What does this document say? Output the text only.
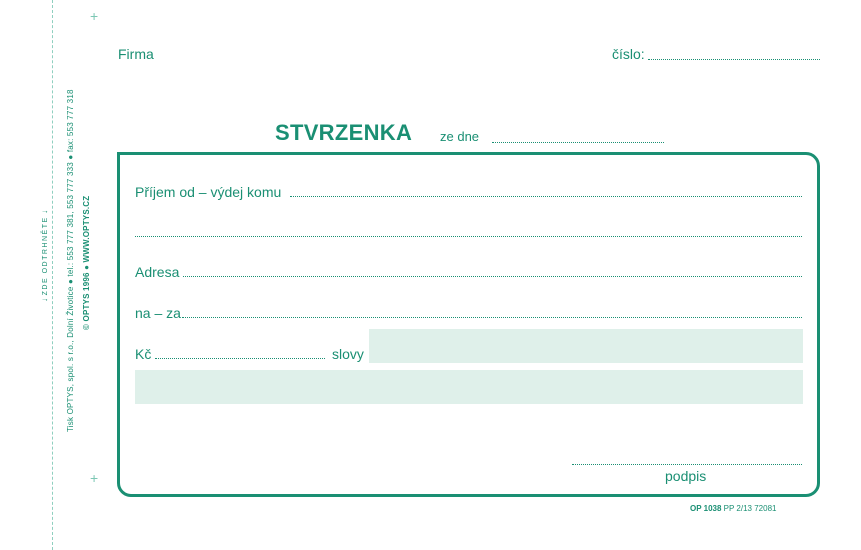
+
+
↓ ZDE ODTRHNĚTE ↓ Tisk OPTYS, spol. s r.o., Dolní Životice ● tel.: 553 777 381, 553 777 333 ● fax: 553 777 318 © OPTYS 1996 ● WWW.OPTYS.CZ
Firma	číslo:
STVRZENKA ze dne
Příjem od – výdej komu
Adresa
na – za
Kč	slovy
podpis
OP 1038 PP 2/13 72081
